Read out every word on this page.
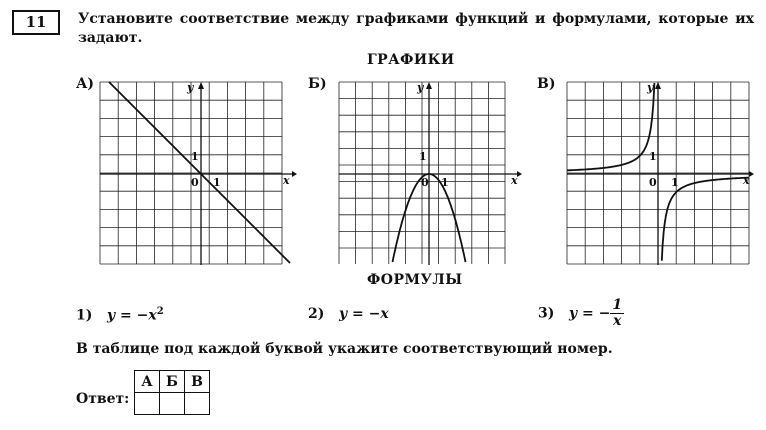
11	Установите соответствие между графиками функций и формулами, которые их задают.
ГРАФИКИ
А)	y
x
0 1
1
Б)	y
x
0 1
1
В)	y
x
0 1
1
ФОРМУЛЫ
1) $y = -x^2$	2) y = −x	3) y = − $\frac{1}{x}$
В таблице под каждой буквой укажите соответствующий номер.
Ответ:
А	Б	В
